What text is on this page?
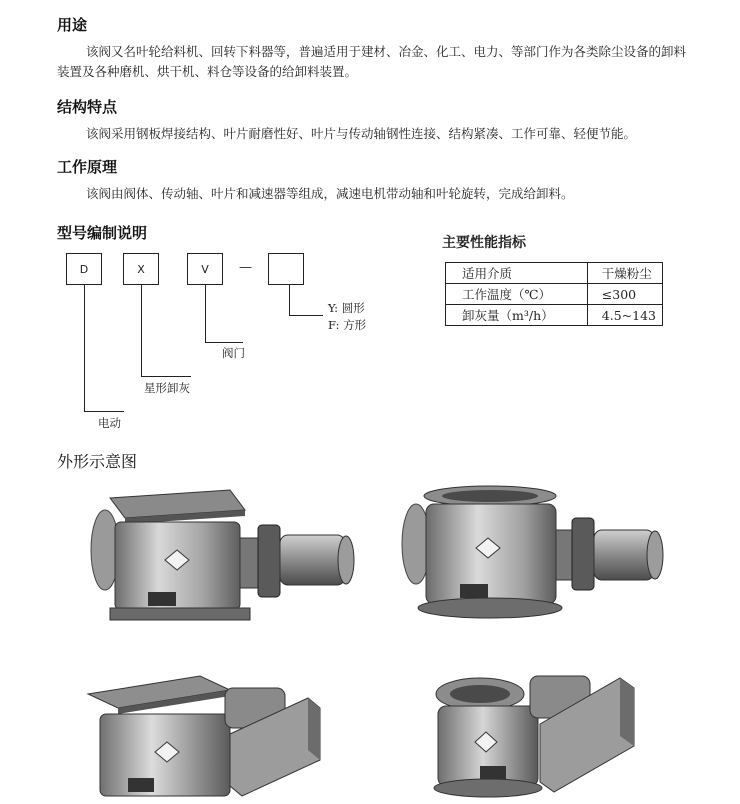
用途

该阀又名叶轮给料机、回转下料器等，普遍适用于建材、冶金、化工、电力、等部门作为各类除尘设备的卸料装置及各种磨机、烘干机、料仓等设备的给卸料装置。

结构特点

该阀采用钢板焊接结构、叶片耐磨性好、叶片与传动轴钢性连接、结构紧凑、工作可靠、轻便节能。

工作原理

该阀由阀体、传动轴、叶片和减速器等组成，减速电机带动轴和叶轮旋转，完成给卸料。

型号编制说明
D	X	V	—
Y: 圆形
F: 方形
阀门
星形卸灰
电动
主要性能指标
适用介质	干燥粉尘
工作温度（℃）	≤300
卸灰量（m³/h）	4.5~143
外形示意图
